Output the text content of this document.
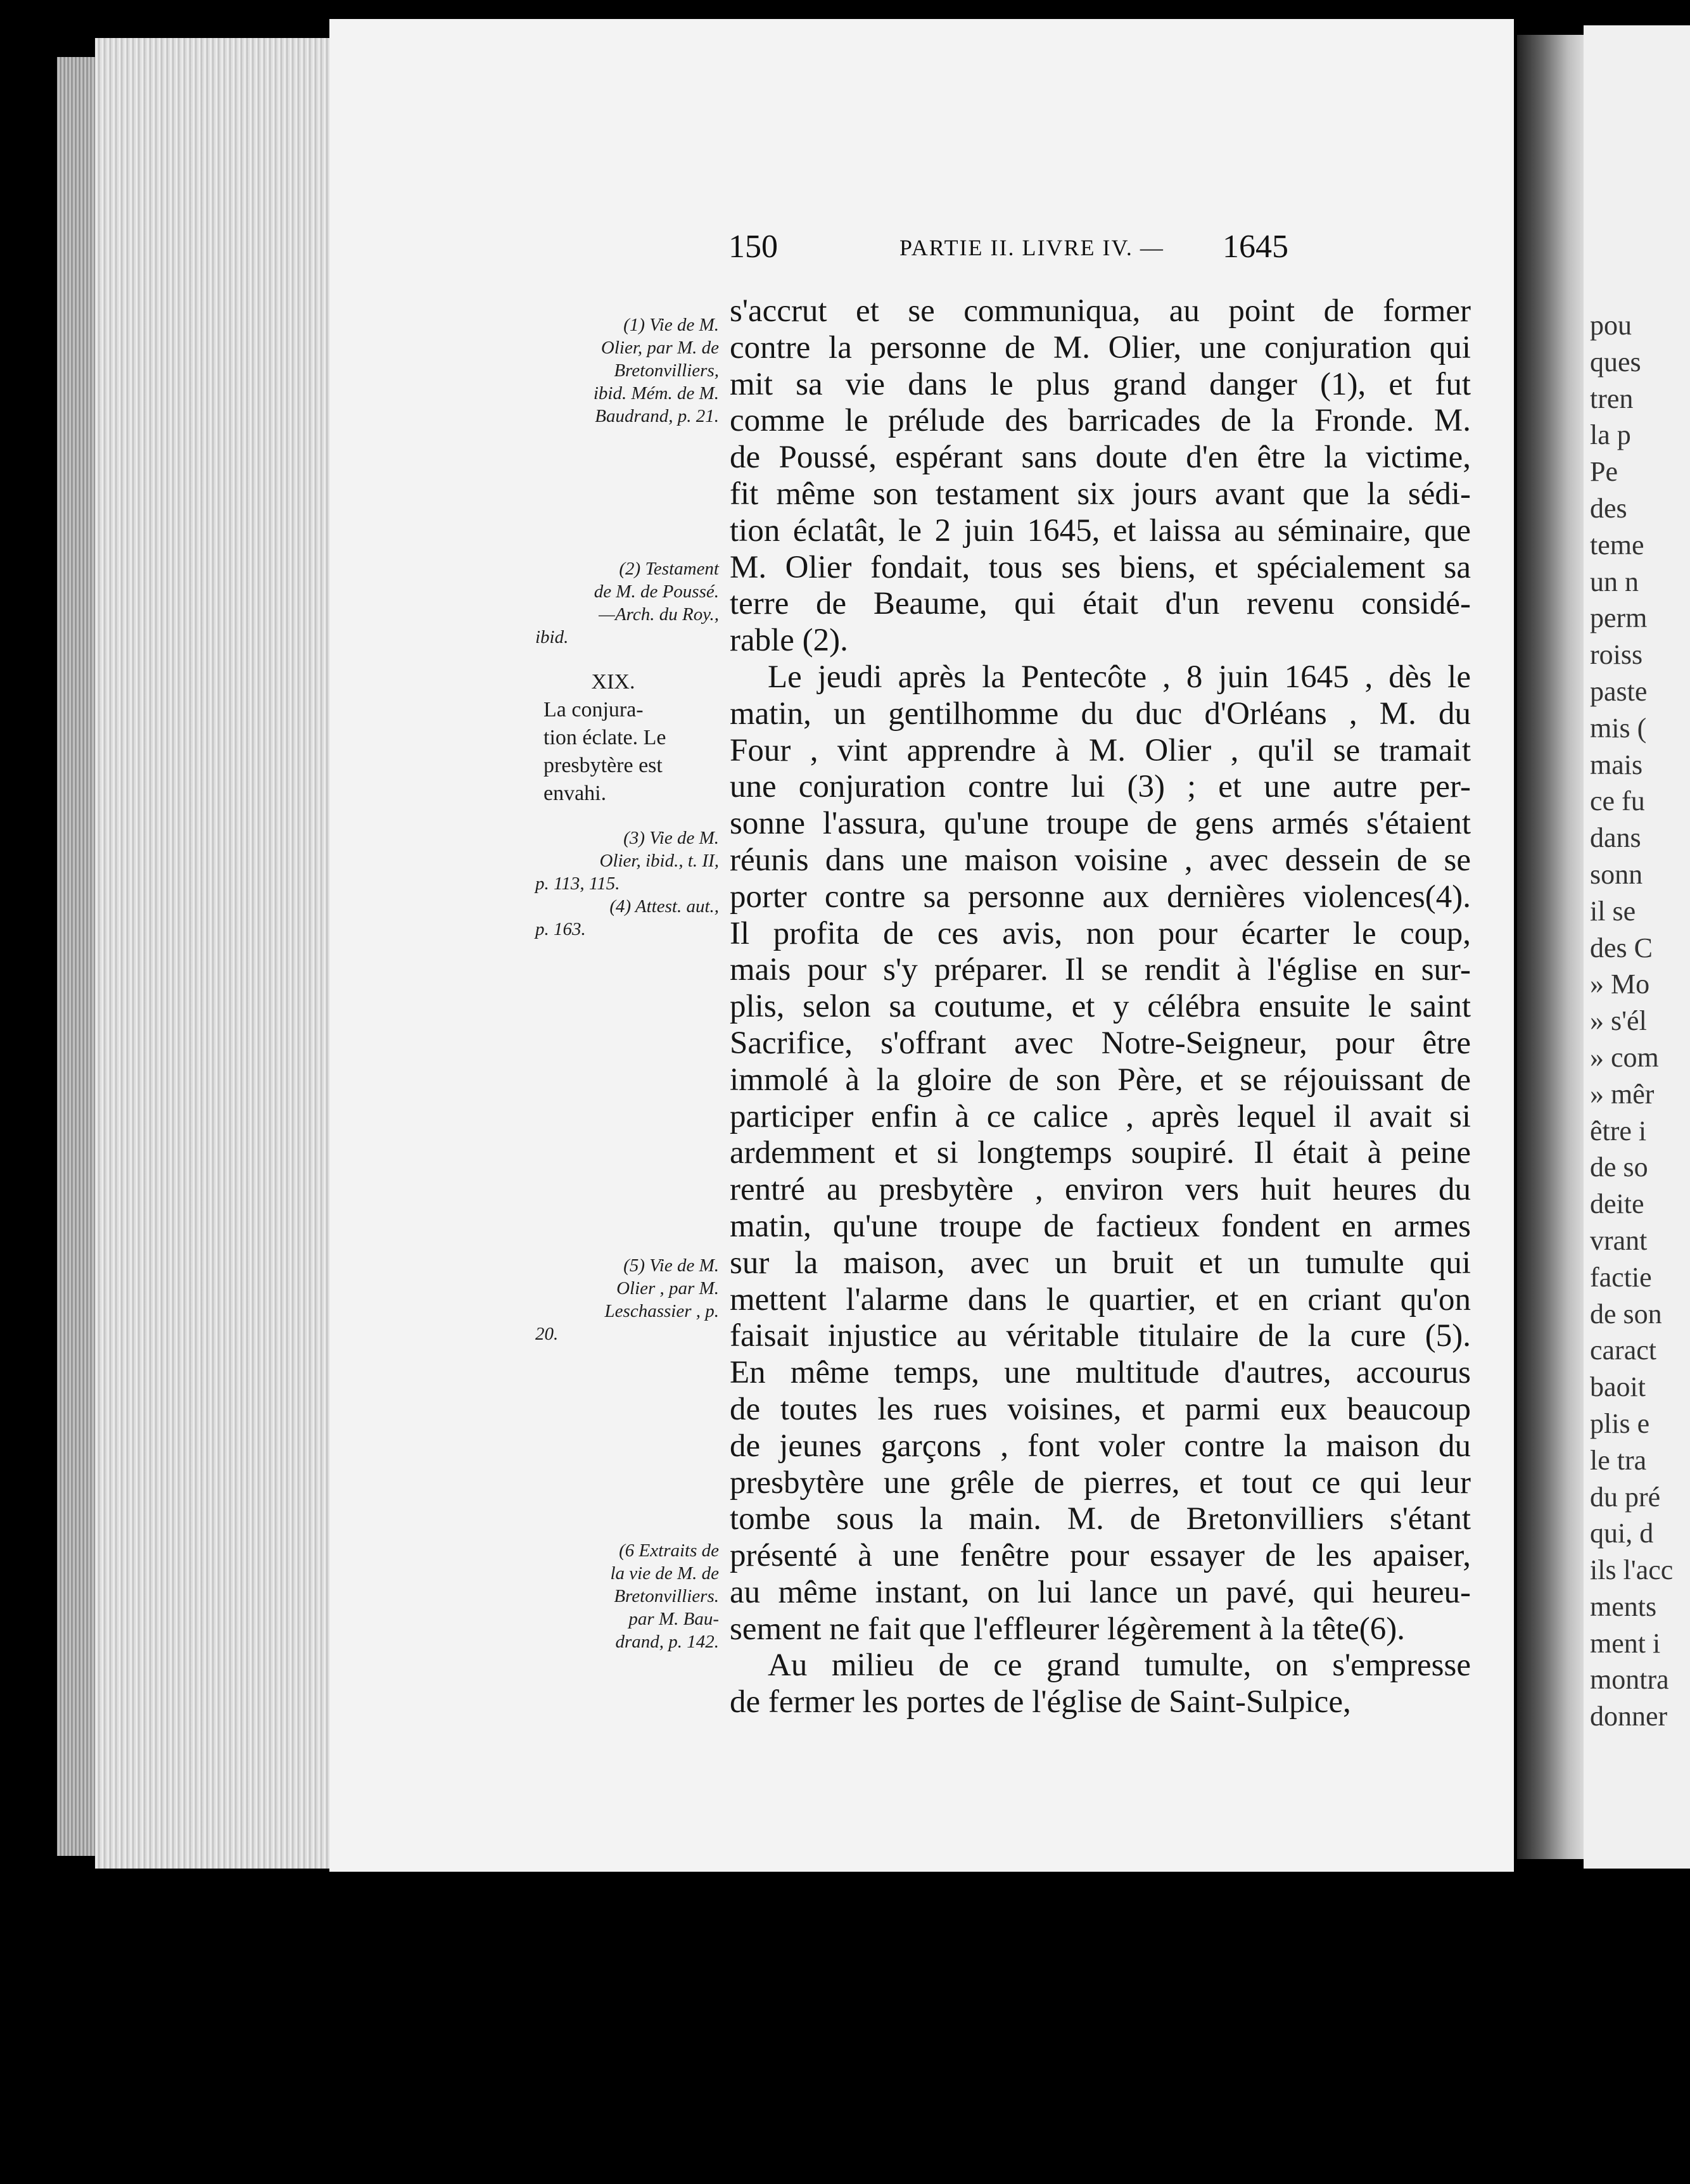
pou
ques
tren
la p
Pe
des
teme
un n
perm
roiss
paste
mis (
mais
ce fu
dans
sonn
il se
des C
» Mo
» s'él
» com
» mêr
être i
de so
deite
vrant
factie
de son
caract
baoit
plis e
le tra
du pré
qui, d
ils l'acc
ments
ment i
montra
donner
150	PARTIE II. LIVRE IV. — 1645
(1) Vie de M.
Olier, par M. de
Bretonvilliers,
ibid. Mém. de M.
Baudrand, p. 21.
(2) Testament
de M. de Poussé.
—Arch. du Roy.,
ibid.
XIX.
La conjura-
tion éclate. Le
presbytère est
envahi.
(3) Vie de M.
Olier, ibid., t. II,
p. 113, 115.
(4) Attest. aut.,
p. 163.
(5) Vie de M.
Olier , par M.
Leschassier , p.
20.
(6 Extraits de
la vie de M. de
Bretonvilliers.
par M. Bau-
drand, p. 142.
s'accrut et se communiqua, au point de former
contre la personne de M. Olier, une conjuration qui
mit sa vie dans le plus grand danger (1), et fut
comme le prélude des barricades de la Fronde. M.
de Poussé, espérant sans doute d'en être la victime,
fit même son testament six jours avant que la sédi-
tion éclatât, le 2 juin 1645, et laissa au séminaire, que
M. Olier fondait, tous ses biens, et spécialement sa
terre de Beaume, qui était d'un revenu considé-
rable (2).
Le jeudi après la Pentecôte , 8 juin 1645 , dès le
matin, un gentilhomme du duc d'Orléans , M. du
Four , vint apprendre à M. Olier , qu'il se tramait
une conjuration contre lui (3) ; et une autre per-
sonne l'assura, qu'une troupe de gens armés s'étaient
réunis dans une maison voisine , avec dessein de se
porter contre sa personne aux dernières violences(4).
Il profita de ces avis, non pour écarter le coup,
mais pour s'y préparer. Il se rendit à l'église en sur-
plis, selon sa coutume, et y célébra ensuite le saint
Sacrifice, s'offrant avec Notre-Seigneur, pour être
immolé à la gloire de son Père, et se réjouissant de
participer enfin à ce calice , après lequel il avait si
ardemment et si longtemps soupiré. Il était à peine
rentré au presbytère , environ vers huit heures du
matin, qu'une troupe de factieux fondent en armes
sur la maison, avec un bruit et un tumulte qui
mettent l'alarme dans le quartier, et en criant qu'on
faisait injustice au véritable titulaire de la cure (5).
En même temps, une multitude d'autres, accourus
de toutes les rues voisines, et parmi eux beaucoup
de jeunes garçons , font voler contre la maison du
presbytère une grêle de pierres, et tout ce qui leur
tombe sous la main. M. de Bretonvilliers s'étant
présenté à une fenêtre pour essayer de les apaiser,
au même instant, on lui lance un pavé, qui heureu-
sement ne fait que l'effleurer légèrement à la tête(6).
Au milieu de ce grand tumulte, on s'empresse
de fermer les portes de l'église de Saint-Sulpice,
